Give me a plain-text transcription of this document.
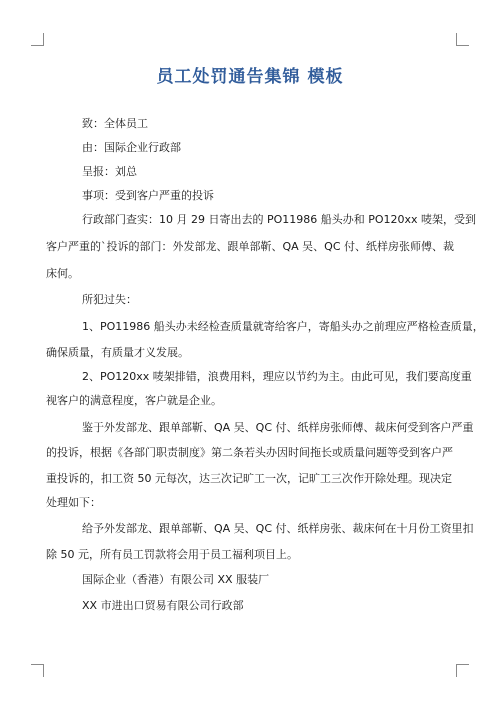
员工处罚通告集锦 模板
致：全体员工
由：国际企业行政部
呈报：刘总
事项：受到客户严重的投诉
行政部门查实：10 月 29 日寄出去的 PO11986 船头办和 PO120xx 唛架，受到
客户严重的`投诉的部门：外发部龙、跟单部靳、QA 吴、QC 付、纸样房张师傅、裁
床何。
所犯过失：
1、PO11986 船头办未经检查质量就寄给客户，寄船头办之前理应严格检查质量，
确保质量，有质量才义发展。
2、PO120xx 唛架排错，浪费用料，理应以节约为主。由此可见，我们要高度重
视客户的满意程度，客户就是企业。
鉴于外发部龙、跟单部靳、QA 吴、QC 付、纸样房张师傅、裁床何受到客户严重
的投诉，根据《各部门职责制度》第二条若头办因时间拖长或质量问题等受到客户严
重投诉的，扣工资 50 元每次，达三次记旷工一次，记旷工三次作开除处理。现决定
处理如下：
给予外发部龙、跟单部靳、QA 吴、QC 付、纸样房张、裁床何在十月份工资里扣
除 50 元，所有员工罚款将会用于员工福利项目上。
国际企业（香港）有限公司 XX 服装厂
XX 市进出口贸易有限公司行政部
